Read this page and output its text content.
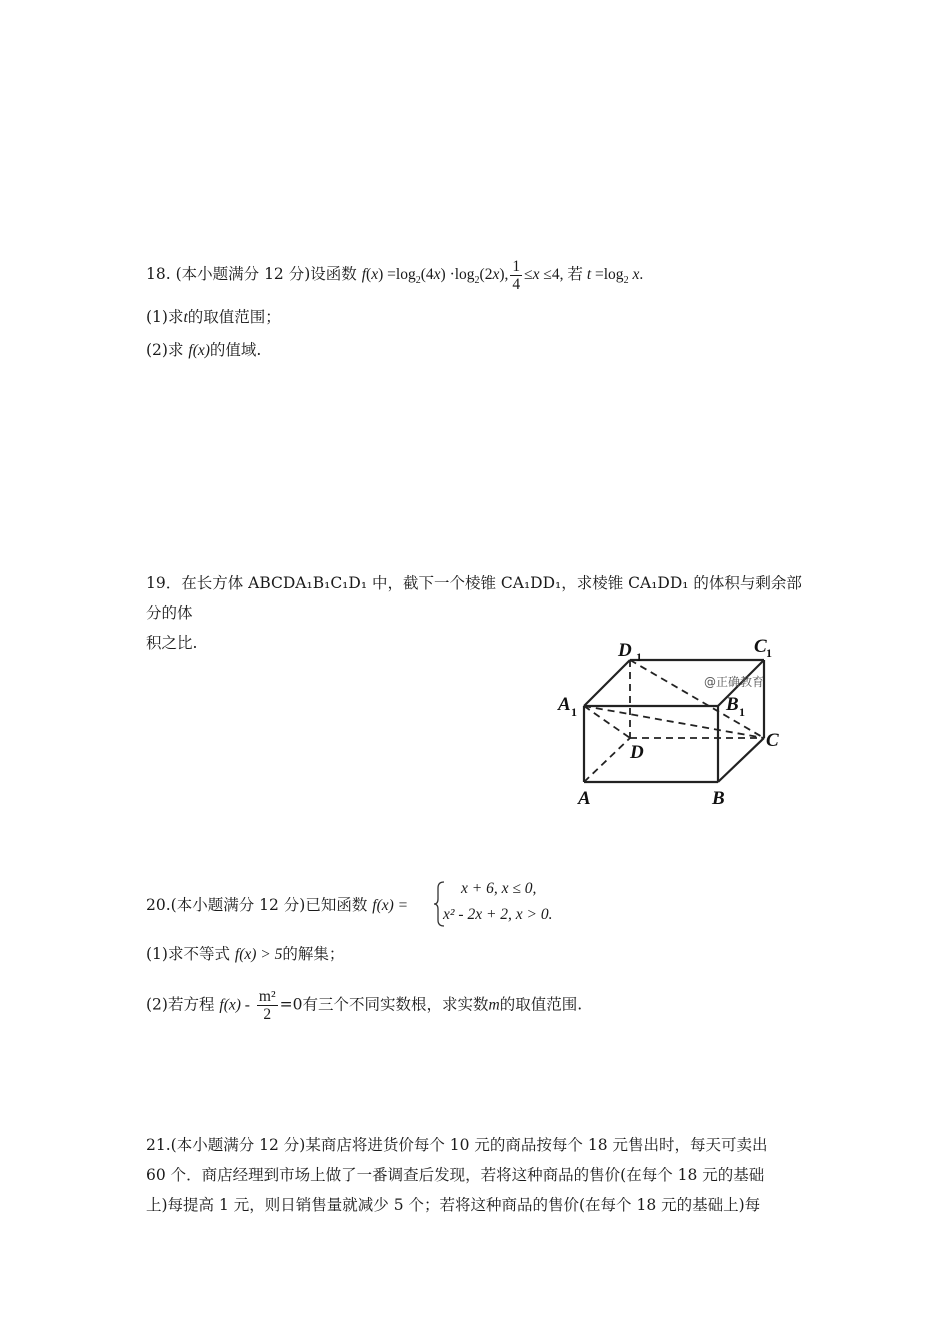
18. (本小题满分 12 分)设函数 $f(x) =\log_2(4x) \cdot\log_2(2x)$, $\frac{1}{4} \le x \le 4$, 若 $t =\log_2$ x.
(1)求t的取值范围；
(2)求 f(x)的值域.
19．在长方体 ABCDA₁B₁C₁D₁ 中，截下一个棱锥 CA₁DD₁，求棱锥 CA₁DD₁ 的体积与剩余部分的体
积之比.	D 1	C 1
A 1	B 1
D
C
A	B
@正确教育
20.(本小题满分 12 分)已知函数 f(x) =
x + 6, x ≤ 0,
x² - 2x + 2, x > 0.
(1)求不等式 f(x) > 5的解集；
(2)若方程 $f(x) - \frac{\text{m²}}{2} =0$有三个不同实数根，求实数m的取值范围.
21.(本小题满分 12 分)某商店将进货价每个 10 元的商品按每个 18 元售出时，每天可卖出
60 个．商店经理到市场上做了一番调查后发现，若将这种商品的售价(在每个 18 元的基础
上)每提高 1 元，则日销售量就减少 5 个；若将这种商品的售价(在每个 18 元的基础上)每
